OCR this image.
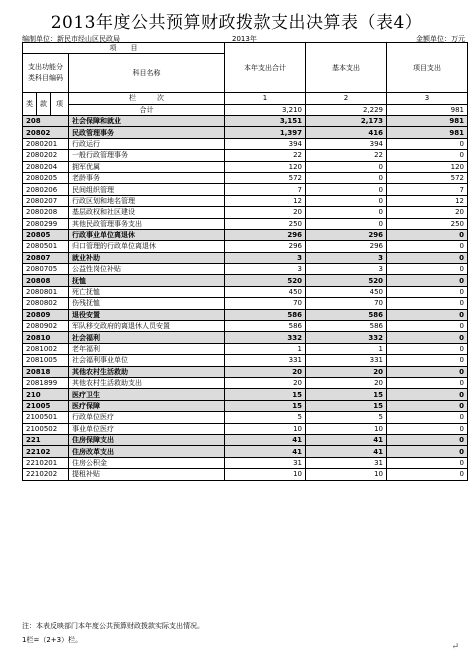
2013年度公共预算财政拨款支出决算表（表4）
编制单位：新民市经山区民政局	2013年	金额单位：万元
项　　目				本年支出合计	基本支出	项目支出
支出功能分类科目编码			科目名称			

类	款	项	栏　　　次	1	2	3
			合计	3,210	2,229	981
208			社会保障和就业	3,151	2,173	981
20802			民政管理事务	1,397	416	981
2080201			行政运行	394	394	0
2080202			一般行政管理事务	22	22	0
2080204			拥军优属	120	0	120
2080205			老龄事务	572	0	572
2080206			民间组织管理	7	0	7
2080207			行政区划和地名管理	12	0	12
2080208			基层政权和社区建设	20	0	20
2080299			其他民政管理事务支出	250	0	250
20805			行政事业单位离退休	296	296	0
2080501			归口管理的行政单位离退休	296	296	0
20807			就业补助	3	3	0
2080705			公益性岗位补贴	3	3	0
20808			抚恤	520	520	0
2080801			死亡抚恤	450	450	0
2080802			伤残抚恤	70	70	0
20809			退役安置	586	586	0
2080902			军队移交政府的离退休人员安置	586	586	0
20810			社会福利	332	332	0
2081002			老年福利	1	1	0
2081005			社会福利事业单位	331	331	0
20818			其他农村生活救助	20	20	0
2081899			其他农村生活救助支出	20	20	0
210			医疗卫生	15	15	0
21005			医疗保障	15	15	0
2100501			行政单位医疗	5	5	0
2100502			事业单位医疗	10	10	0
221			住房保障支出	41	41	0
22102			住房改革支出	41	41	0
2210201			住房公积金	31	31	0
2210202			提租补贴	10	10	0
注：本表反映部门本年度公共预算财政拨款实际支出情况。
1栏=（2+3）栏。
↵
